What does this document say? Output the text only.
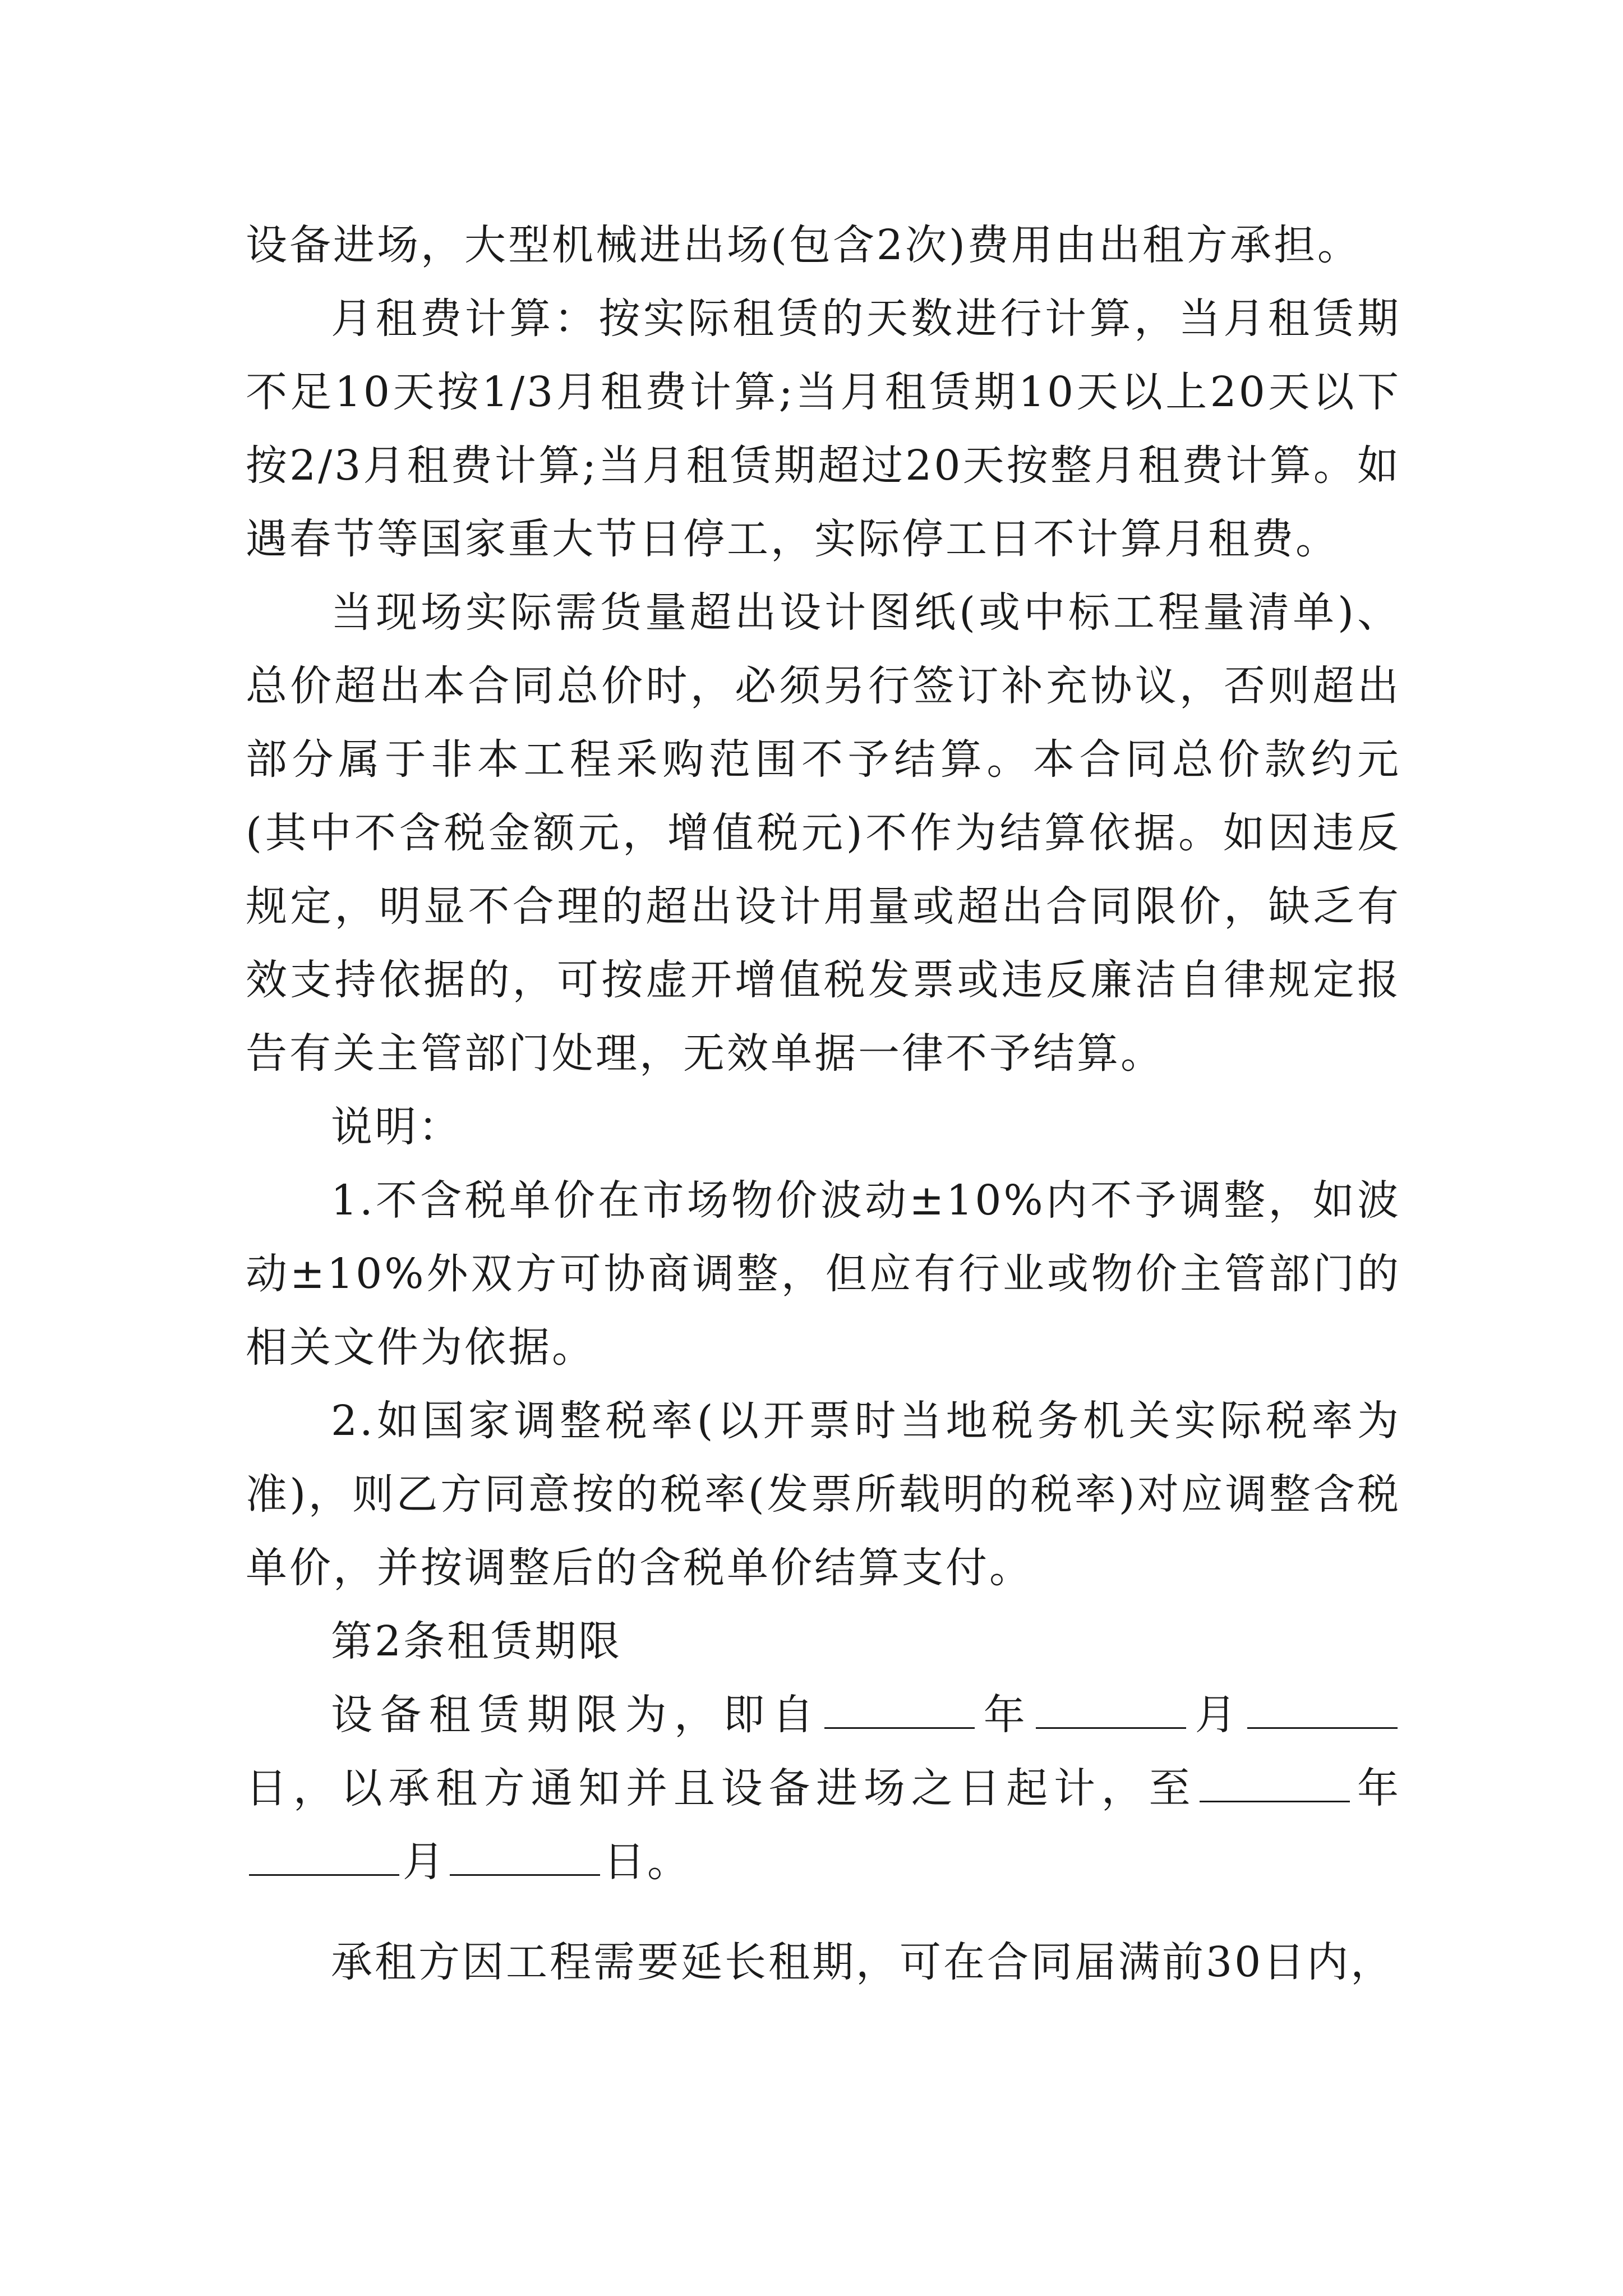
设备进场，大型机械进出场(包含2次)费用由出租方承担。

月租费计算：按实际租赁的天数进行计算，当月租赁期不足10天按1/3月租费计算;当月租赁期10天以上20天以下按2/3月租费计算;当月租赁期超过20天按整月租费计算。如遇春节等国家重大节日停工，实际停工日不计算月租费。

当现场实际需货量超出设计图纸(或中标工程量清单)、总价超出本合同总价时，必须另行签订补充协议，否则超出部分属于非本工程采购范围不予结算。本合同总价款约元(其中不含税金额元，增值税元)不作为结算依据。如因违反规定，明显不合理的超出设计用量或超出合同限价，缺乏有效支持依据的，可按虚开增值税发票或违反廉洁自律规定报告有关主管部门处理，无效单据一律不予结算。

说明：

1.不含税单价在市场物价波动±10%内不予调整，如波动±10%外双方可协商调整，但应有行业或物价主管部门的相关文件为依据。

2.如国家调整税率(以开票时当地税务机关实际税率为准)，则乙方同意按的税率(发票所载明的税率)对应调整含税单价，并按调整后的含税单价结算支付。

第2条租赁期限

设备租赁期限为，即自	年	月日，以承租方通知并且设备进场之日起计，至	年月	日。

承租方因工程需要延长租期，可在合同届满前30日内，
